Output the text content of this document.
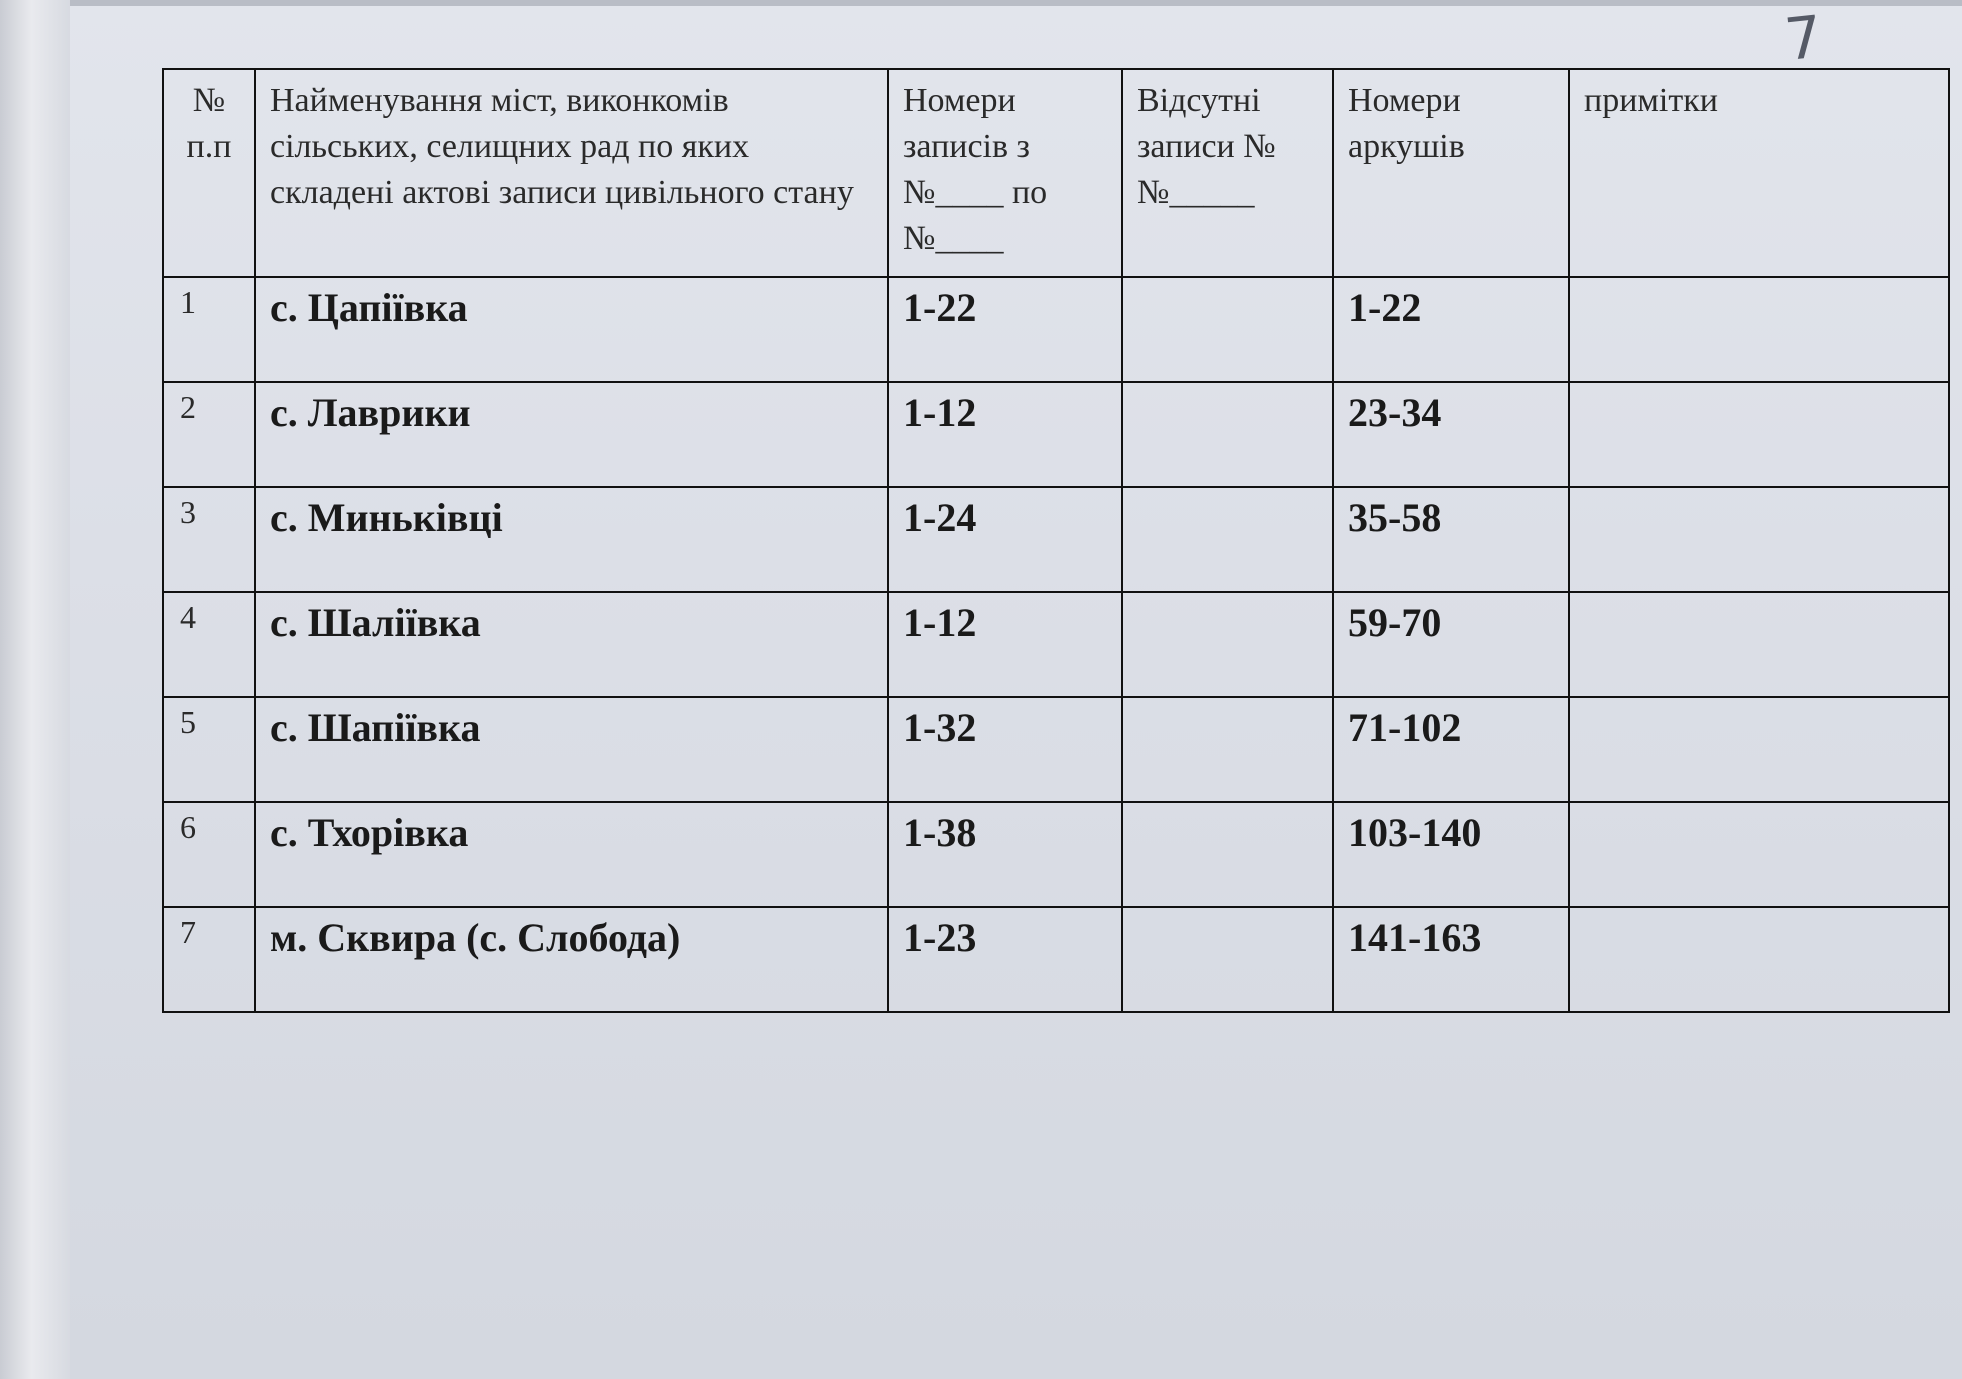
7
№ п.п	Найменування міст, виконкомів сільських, селищних рад по яких складені актові записи цивільного стану	Номери записів з №____ по №____	Відсутні записи №№_____	Номери аркушів	примітки
1	с. Цапіївка	1-22		1-22	
2	с. Лаврики	1-12		23-34	
3	с. Миньківці	1-24		35-58	
4	с. Шаліївка	1-12		59-70	
5	с. Шапіївка	1-32		71-102	
6	с. Тхорівка	1-38		103-140	
7	м. Сквира (с. Слобода)	1-23		141-163	
